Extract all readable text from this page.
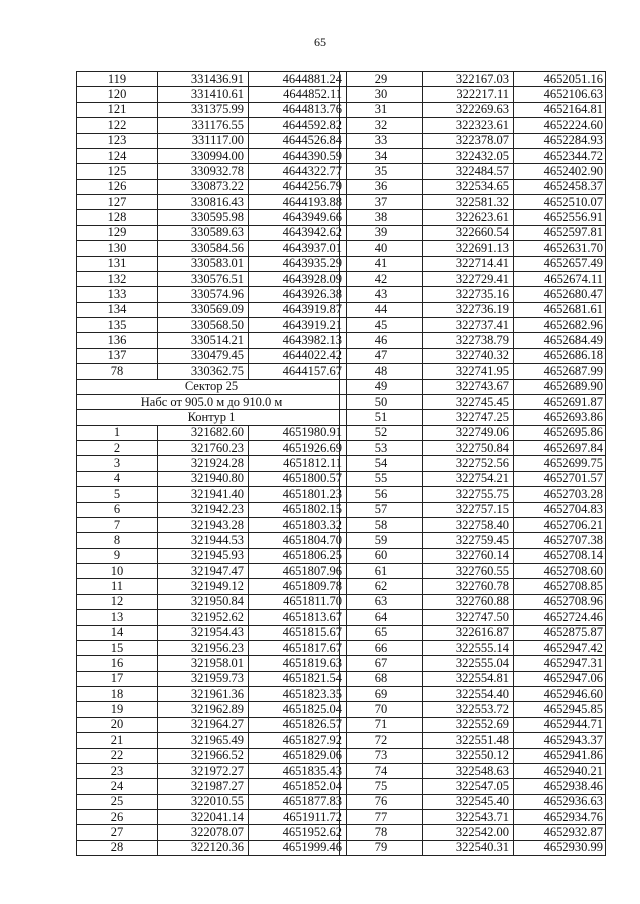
65
119	331436.91	4644881.24
120	331410.61	4644852.11
121	331375.99	4644813.76
122	331176.55	4644592.82
123	331117.00	4644526.84
124	330994.00	4644390.59
125	330932.78	4644322.77
126	330873.22	4644256.79
127	330816.43	4644193.88
128	330595.98	4643949.66
129	330589.63	4643942.62
130	330584.56	4643937.01
131	330583.01	4643935.29
132	330576.51	4643928.09
133	330574.96	4643926.38
134	330569.09	4643919.87
135	330568.50	4643919.21
136	330514.21	4643982.13
137	330479.45	4644022.42
78	330362.75	4644157.67
Сектор 25		
Набс от 905.0 м до 910.0 м		
Контур 1		
1	321682.60	4651980.91
2	321760.23	4651926.69
3	321924.28	4651812.11
4	321940.80	4651800.57
5	321941.40	4651801.23
6	321942.23	4651802.15
7	321943.28	4651803.32
8	321944.53	4651804.70
9	321945.93	4651806.25
10	321947.47	4651807.96
11	321949.12	4651809.78
12	321950.84	4651811.70
13	321952.62	4651813.67
14	321954.43	4651815.67
15	321956.23	4651817.67
16	321958.01	4651819.63
17	321959.73	4651821.54
18	321961.36	4651823.35
19	321962.89	4651825.04
20	321964.27	4651826.57
21	321965.49	4651827.92
22	321966.52	4651829.06
23	321972.27	4651835.43
24	321987.27	4651852.04
25	322010.55	4651877.83
26	322041.14	4651911.72
27	322078.07	4651952.62
28	322120.36	4651999.46
29	322167.03	4652051.16
30	322217.11	4652106.63
31	322269.63	4652164.81
32	322323.61	4652224.60
33	322378.07	4652284.93
34	322432.05	4652344.72
35	322484.57	4652402.90
36	322534.65	4652458.37
37	322581.32	4652510.07
38	322623.61	4652556.91
39	322660.54	4652597.81
40	322691.13	4652631.70
41	322714.41	4652657.49
42	322729.41	4652674.11
43	322735.16	4652680.47
44	322736.19	4652681.61
45	322737.41	4652682.96
46	322738.79	4652684.49
47	322740.32	4652686.18
48	322741.95	4652687.99
49	322743.67	4652689.90
50	322745.45	4652691.87
51	322747.25	4652693.86
52	322749.06	4652695.86
53	322750.84	4652697.84
54	322752.56	4652699.75
55	322754.21	4652701.57
56	322755.75	4652703.28
57	322757.15	4652704.83
58	322758.40	4652706.21
59	322759.45	4652707.38
60	322760.14	4652708.14
61	322760.55	4652708.60
62	322760.78	4652708.85
63	322760.88	4652708.96
64	322747.50	4652724.46
65	322616.87	4652875.87
66	322555.14	4652947.42
67	322555.04	4652947.31
68	322554.81	4652947.06
69	322554.40	4652946.60
70	322553.72	4652945.85
71	322552.69	4652944.71
72	322551.48	4652943.37
73	322550.12	4652941.86
74	322548.63	4652940.21
75	322547.05	4652938.46
76	322545.40	4652936.63
77	322543.71	4652934.76
78	322542.00	4652932.87
79	322540.31	4652930.99
